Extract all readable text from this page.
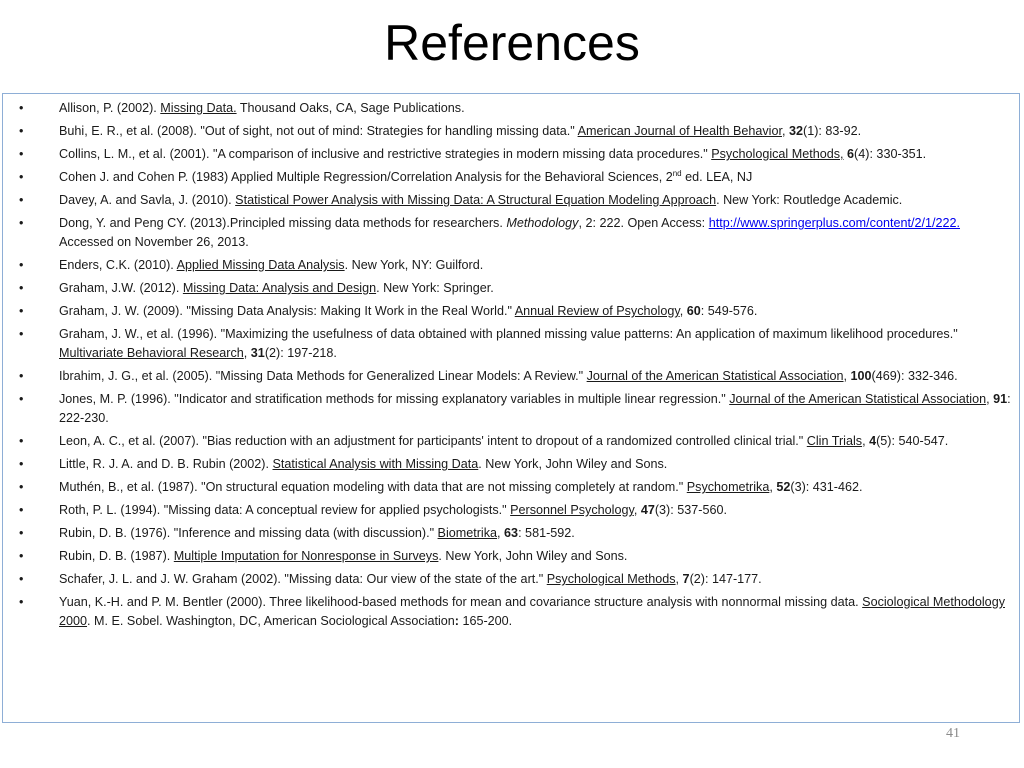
References
• Allison, P. (2002). Missing Data. Thousand Oaks, CA, Sage Publications.
• Buhi, E. R., et al. (2008). "Out of sight, not out of mind: Strategies for handling missing data." American Journal of Health Behavior, 32(1): 83-92.
• Collins, L. M., et al. (2001). "A comparison of inclusive and restrictive strategies in modern missing data procedures." Psychological Methods, 6(4): 330-351.
• Cohen J. and Cohen P. (1983) Applied Multiple Regression/Correlation Analysis for the Behavioral Sciences, 2nd ed. LEA, NJ
• Davey, A. and Savla, J. (2010). Statistical Power Analysis with Missing Data: A Structural Equation Modeling Approach. New York: Routledge Academic.
• Dong, Y. and Peng CY. (2013).Principled missing data methods for researchers. Methodology, 2: 222. Open Access: http://www.springerplus.com/content/2/1/222. Accessed on November 26, 2013.
• Enders, C.K. (2010). Applied Missing Data Analysis. New York, NY: Guilford.
• Graham, J.W. (2012). Missing Data: Analysis and Design. New York: Springer.
• Graham, J. W. (2009). "Missing Data Analysis: Making It Work in the Real World." Annual Review of Psychology, 60: 549-576.
• Graham, J. W., et al. (1996). "Maximizing the usefulness of data obtained with planned missing value patterns: An application of maximum likelihood procedures." Multivariate Behavioral Research, 31(2): 197-218.
• Ibrahim, J. G., et al. (2005). "Missing Data Methods for Generalized Linear Models: A Review." Journal of the American Statistical Association, 100(469): 332-346.
• Jones, M. P. (1996). "Indicator and stratification methods for missing explanatory variables in multiple linear regression." Journal of the American Statistical Association, 91: 222-230.
• Leon, A. C., et al. (2007). "Bias reduction with an adjustment for participants' intent to dropout of a randomized controlled clinical trial." Clin Trials, 4(5): 540-547.
• Little, R. J. A. and D. B. Rubin (2002). Statistical Analysis with Missing Data. New York, John Wiley and Sons.
• Muthén, B., et al. (1987). "On structural equation modeling with data that are not missing completely at random." Psychometrika, 52(3): 431-462.
• Roth, P. L. (1994). "Missing data: A conceptual review for applied psychologists." Personnel Psychology, 47(3): 537-560.
• Rubin, D. B. (1976). "Inference and missing data (with discussion)." Biometrika, 63: 581-592.
• Rubin, D. B. (1987). Multiple Imputation for Nonresponse in Surveys. New York, John Wiley and Sons.
• Schafer, J. L. and J. W. Graham (2002). "Missing data: Our view of the state of the art." Psychological Methods, 7(2): 147-177.
• Yuan, K.-H. and P. M. Bentler (2000). Three likelihood-based methods for mean and covariance structure analysis with nonnormal missing data. Sociological Methodology 2000. M. E. Sobel. Washington, DC, American Sociological Association: 165-200.
41
